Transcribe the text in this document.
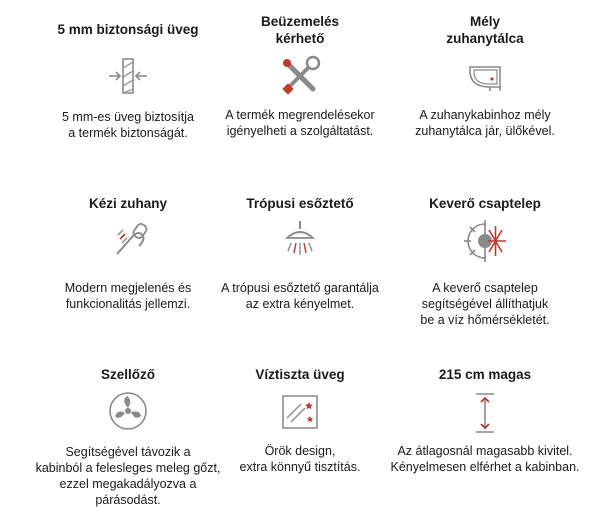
5 mm biztonsági üveg
5 mm-es üveg biztosítja
a termék biztonságát.
Beüzemelés
kérhető
A termék megrendelésekor
igényelheti a szolgáltatást.
Mély
zuhanytálca
A zuhanykabinhoz mély
zuhanytálca jár, ülőkével.
Kézi zuhany
Modern megjelenés és
funkcionalitás jellemzi.
Trópusi esőztető
A trópusi esőztető garantálja
az extra kényelmet.
Keverő csaptelep
A keverő csaptelep
segítségével állíthatjuk
be a víz hőmérsékletét.
Szellőző
Segítségével távozik a
kabinból a felesleges meleg gőzt,
ezzel megakadályozva a párásodást.
Víztiszta üveg
Örök design,
extra könnyű tisztítás.
215 cm magas
Az átlagosnál magasabb kivitel.
Kényelmesen elférhet a kabinban.
